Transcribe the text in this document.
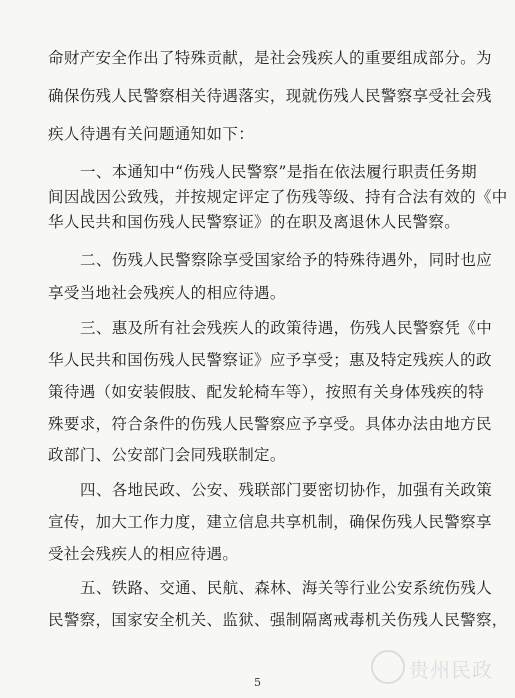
命财产安全作出了特殊贡献，是社会残疾人的重要组成部分。为
确保伤残人民警察相关待遇落实，现就伤残人民警察享受社会残
疾人待遇有关问题通知如下：
一、本通知中“伤残人民警察”是指在依法履行职责任务期
间因战因公致残，并按规定评定了伤残等级、持有合法有效的《中
华人民共和国伤残人民警察证》的在职及离退休人民警察。
二、伤残人民警察除享受国家给予的特殊待遇外，同时也应
享受当地社会残疾人的相应待遇。
三、惠及所有社会残疾人的政策待遇，伤残人民警察凭《中
华人民共和国伤残人民警察证》应予享受；惠及特定残疾人的政
策待遇（如安装假肢、配发轮椅车等），按照有关身体残疾的特
殊要求，符合条件的伤残人民警察应予享受。具体办法由地方民
政部门、公安部门会同残联制定。
四、各地民政、公安、残联部门要密切协作，加强有关政策
宣传，加大工作力度，建立信息共享机制，确保伤残人民警察享
受社会残疾人的相应待遇。
五、铁路、交通、民航、森林、海关等行业公安系统伤残人
民警察，国家安全机关、监狱、强制隔离戒毒机关伤残人民警察，
5
贵州民政
